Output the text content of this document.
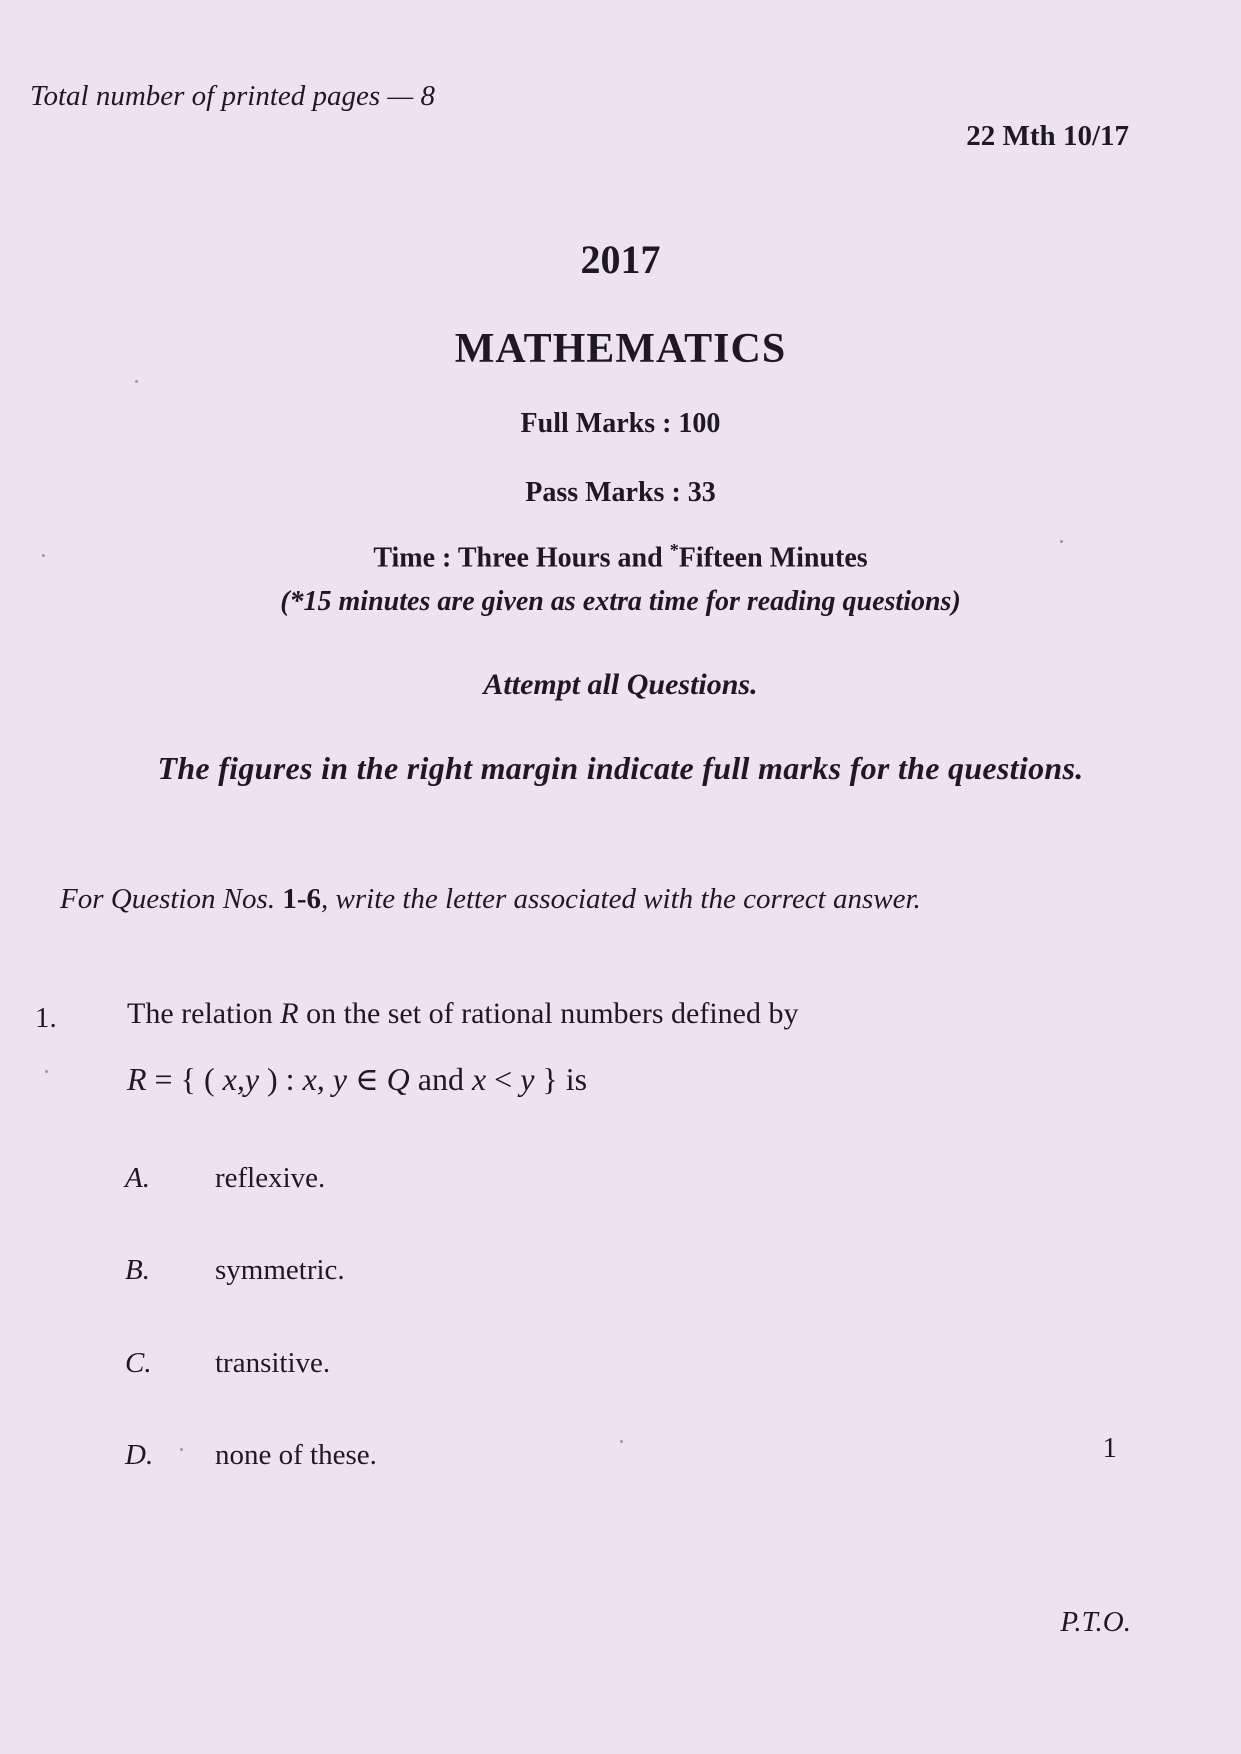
Total number of printed pages — 8

22 Mth 10/17

2017

MATHEMATICS

Full Marks : 100

Pass Marks : 33

Time : Three Hours and *Fifteen Minutes

(*15 minutes are given as extra time for reading questions)

Attempt all Questions.

The figures in the right margin indicate full marks for the questions.

For Question Nos. 1-6, write the letter associated with the correct answer.

1. The relation R on the set of rational numbers defined by

R = { ( x,y ) : x, y ∈ Q and x < y } is

A. reflexive.

B. symmetric.

C. transitive.

D. none of these.	1

P.T.O.
